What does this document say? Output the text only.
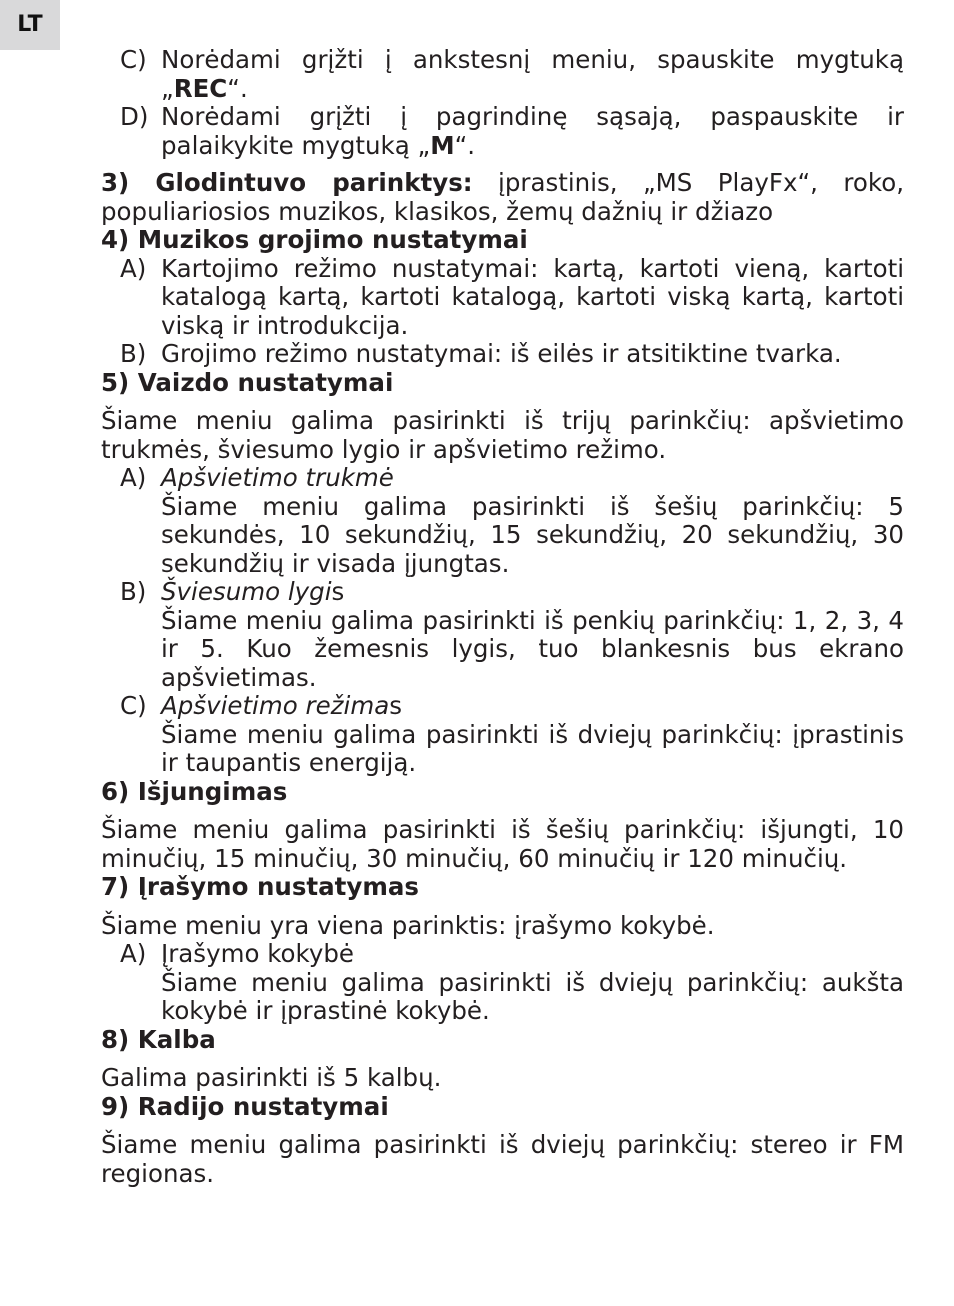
LT
C) Norėdami grįžti į ankstesnį meniu, spauskite mygtuką „REC“.
D) Norėdami grįžti į pagrindinę sąsają, paspauskite ir palaikykite mygtuką „M“.

3) Glodintuvo parinktys: įprastinis, „MS PlayFx“, roko, populiariosios muzikos, klasikos, žemų dažnių ir džiazo

4) Muzikos grojimo nustatymai

A) Kartojimo režimo nustatymai: kartą, kartoti vieną, kartoti katalogą kartą, kartoti katalogą, kartoti viską kartą, kartoti viską ir introdukcija.
B) Grojimo režimo nustatymai: iš eilės ir atsitiktine tvarka.

5) Vaizdo nustatymai

Šiame meniu galima pasirinkti iš trijų parinkčių: apšvietimo trukmės, šviesumo lygio ir apšvietimo režimo.

A) Apšvietimo trukmė
Šiame meniu galima pasirinkti iš šešių parinkčių: 5 sekundės, 10 sekundžių, 15 sekundžių, 20 sekundžių, 30 sekundžių ir visada įjungtas.
B) Šviesumo lygis
Šiame meniu galima pasirinkti iš penkių parinkčių: 1, 2, 3, 4 ir 5. Kuo žemesnis lygis, tuo blankesnis bus ekrano apšvietimas.
C) Apšvietimo režimas
Šiame meniu galima pasirinkti iš dviejų parinkčių: įprastinis ir taupantis energiją.

6) Išjungimas

Šiame meniu galima pasirinkti iš šešių parinkčių: išjungti, 10 minučių, 15 minučių, 30 minučių, 60 minučių ir 120 minučių.

7) Įrašymo nustatymas

Šiame meniu yra viena parinktis: įrašymo kokybė.

A) Įrašymo kokybė
Šiame meniu galima pasirinkti iš dviejų parinkčių: aukšta kokybė ir įprastinė kokybė.

8) Kalba

Galima pasirinkti iš 5 kalbų.

9) Radijo nustatymai

Šiame meniu galima pasirinkti iš dviejų parinkčių: stereo ir FM regionas.
